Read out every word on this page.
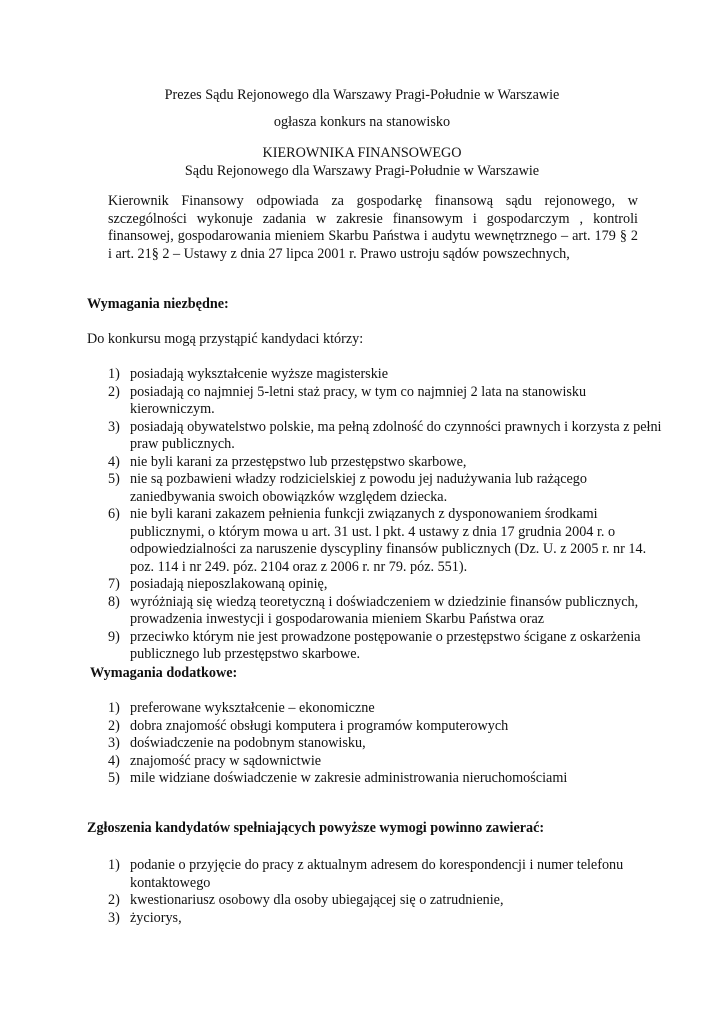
Prezes Sądu Rejonowego dla Warszawy Pragi-Południe w Warszawie
ogłasza konkurs na stanowisko
KIEROWNIKA FINANSOWEGO
Sądu Rejonowego dla Warszawy Pragi-Południe w Warszawie
Kierownik Finansowy odpowiada za gospodarkę finansową sądu rejonowego, w szczególności wykonuje zadania w zakresie finansowym i gospodarczym , kontroli finansowej, gospodarowania mieniem Skarbu Państwa i audytu wewnętrznego – art. 179 § 2 i art. 21§ 2 – Ustawy z dnia 27 lipca 2001 r. Prawo ustroju sądów powszechnych,
Wymagania niezbędne:
Do konkursu mogą przystąpić kandydaci którzy:
1) posiadają wykształcenie wyższe magisterskie
2) posiadają co najmniej 5-letni staż pracy, w tym co najmniej 2 lata na stanowisku kierowniczym.
3) posiadają obywatelstwo polskie, ma pełną zdolność do czynności prawnych i korzysta z pełni praw publicznych.
4) nie byli karani za przestępstwo lub przestępstwo skarbowe,
5) nie są pozbawieni władzy rodzicielskiej z powodu jej nadużywania lub rażącego zaniedbywania swoich obowiązków względem dziecka.
6) nie byli karani zakazem pełnienia funkcji związanych z dysponowaniem środkami publicznymi, o którym mowa u art. 31 ust. l pkt. 4 ustawy z dnia 17 grudnia 2004 r. o odpowiedzialności za naruszenie dyscypliny finansów publicznych (Dz. U. z 2005 r. nr 14. poz. 114 i nr 249. póz. 2104 oraz z 2006 r. nr 79. póz. 551).
7) posiadają nieposzlakowaną opinię,
8) wyróżniają się wiedzą teoretyczną i doświadczeniem w dziedzinie finansów publicznych, prowadzenia inwestycji i gospodarowania mieniem Skarbu Państwa oraz
9) przeciwko którym nie jest prowadzone postępowanie o przestępstwo ścigane z oskarżenia publicznego lub przestępstwo skarbowe.
Wymagania dodatkowe:
1) preferowane wykształcenie – ekonomiczne
2) dobra znajomość obsługi komputera i programów komputerowych
3) doświadczenie na podobnym stanowisku,
4) znajomość pracy w sądownictwie
5) mile widziane doświadczenie w zakresie administrowania nieruchomościami
Zgłoszenia kandydatów spełniających powyższe wymogi powinno zawierać:
1) podanie o przyjęcie do pracy z aktualnym adresem do korespondencji i numer telefonu kontaktowego
2) kwestionariusz osobowy dla osoby ubiegającej się o zatrudnienie,
3) życiorys,
